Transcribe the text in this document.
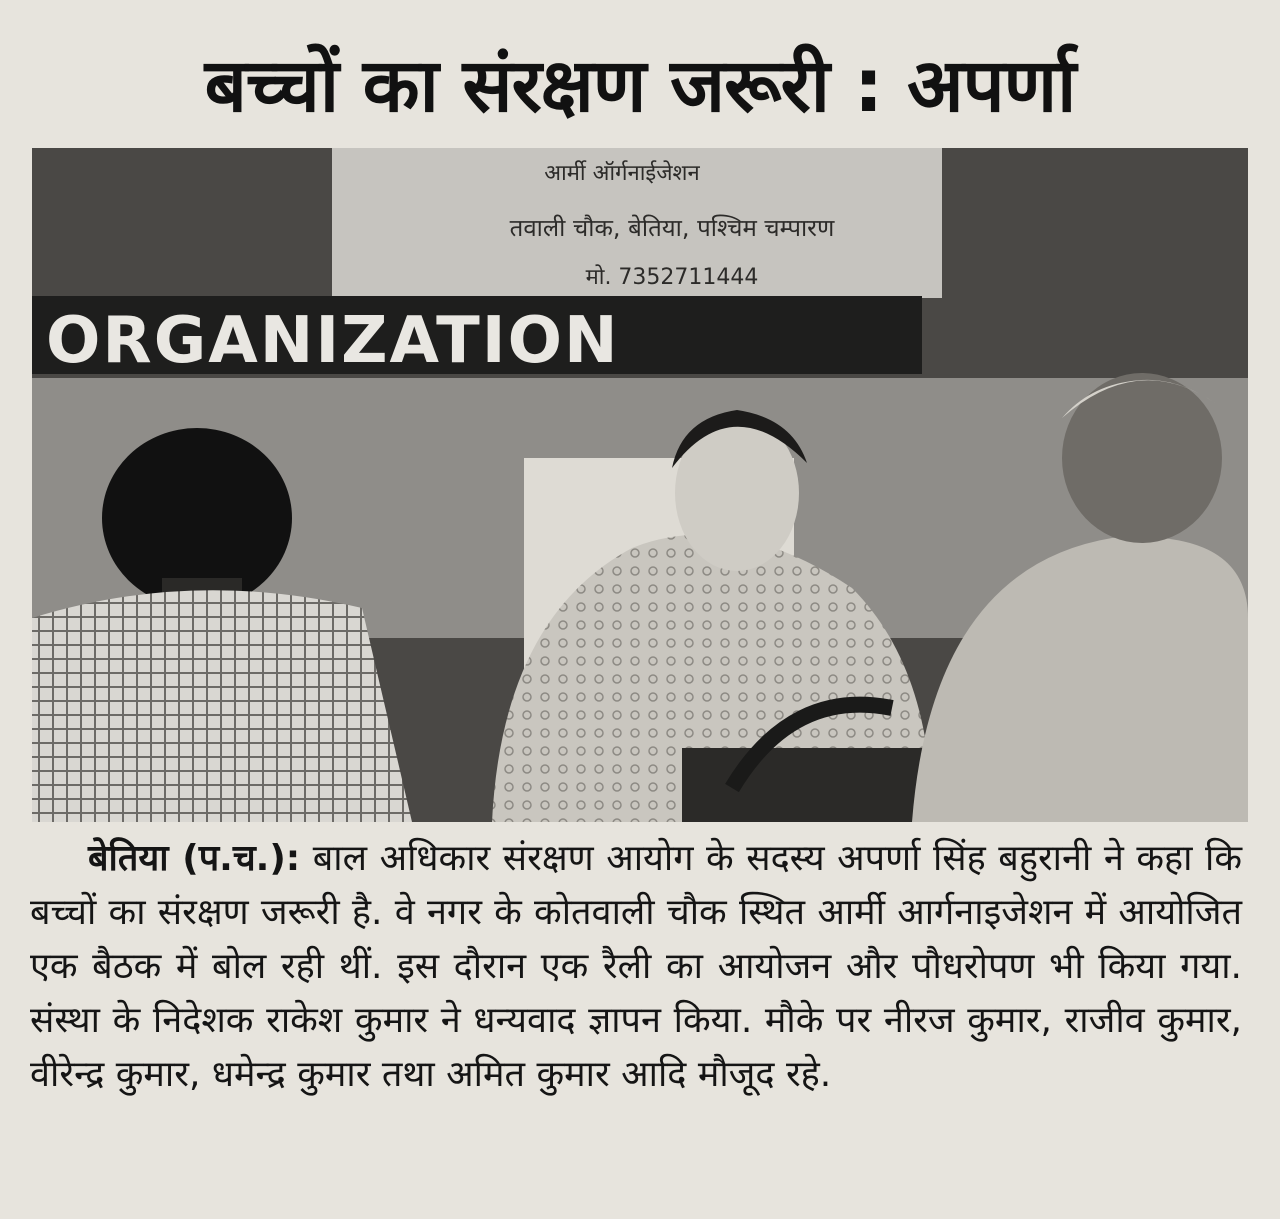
बच्चों का संरक्षण जरूरी : अपर्णा
आर्मी ऑर्गनाईजेशन
तवाली चौक, बेतिया, पश्चिम चम्पारण
मो. 7352711444
ORGANIZATION

बेतिया (प.च.): बाल अधिकार संरक्षण आयोग के सदस्य अपर्णा सिंह बहुरानी ने कहा कि बच्चों का संरक्षण जरूरी है. वे नगर के कोतवाली चौक स्थित आर्मी आर्गनाइजेशन में आयोजित एक बैठक में बोल रही थीं. इस दौरान एक रैली का आयोजन और पौधरोपण भी किया गया. संस्था के निदेशक राकेश कुमार ने धन्यवाद ज्ञापन किया. मौके पर नीरज कुमार, राजीव कुमार, वीरेन्द्र कुमार, धमेन्द्र कुमार तथा अमित कुमार आदि मौजूद रहे.
